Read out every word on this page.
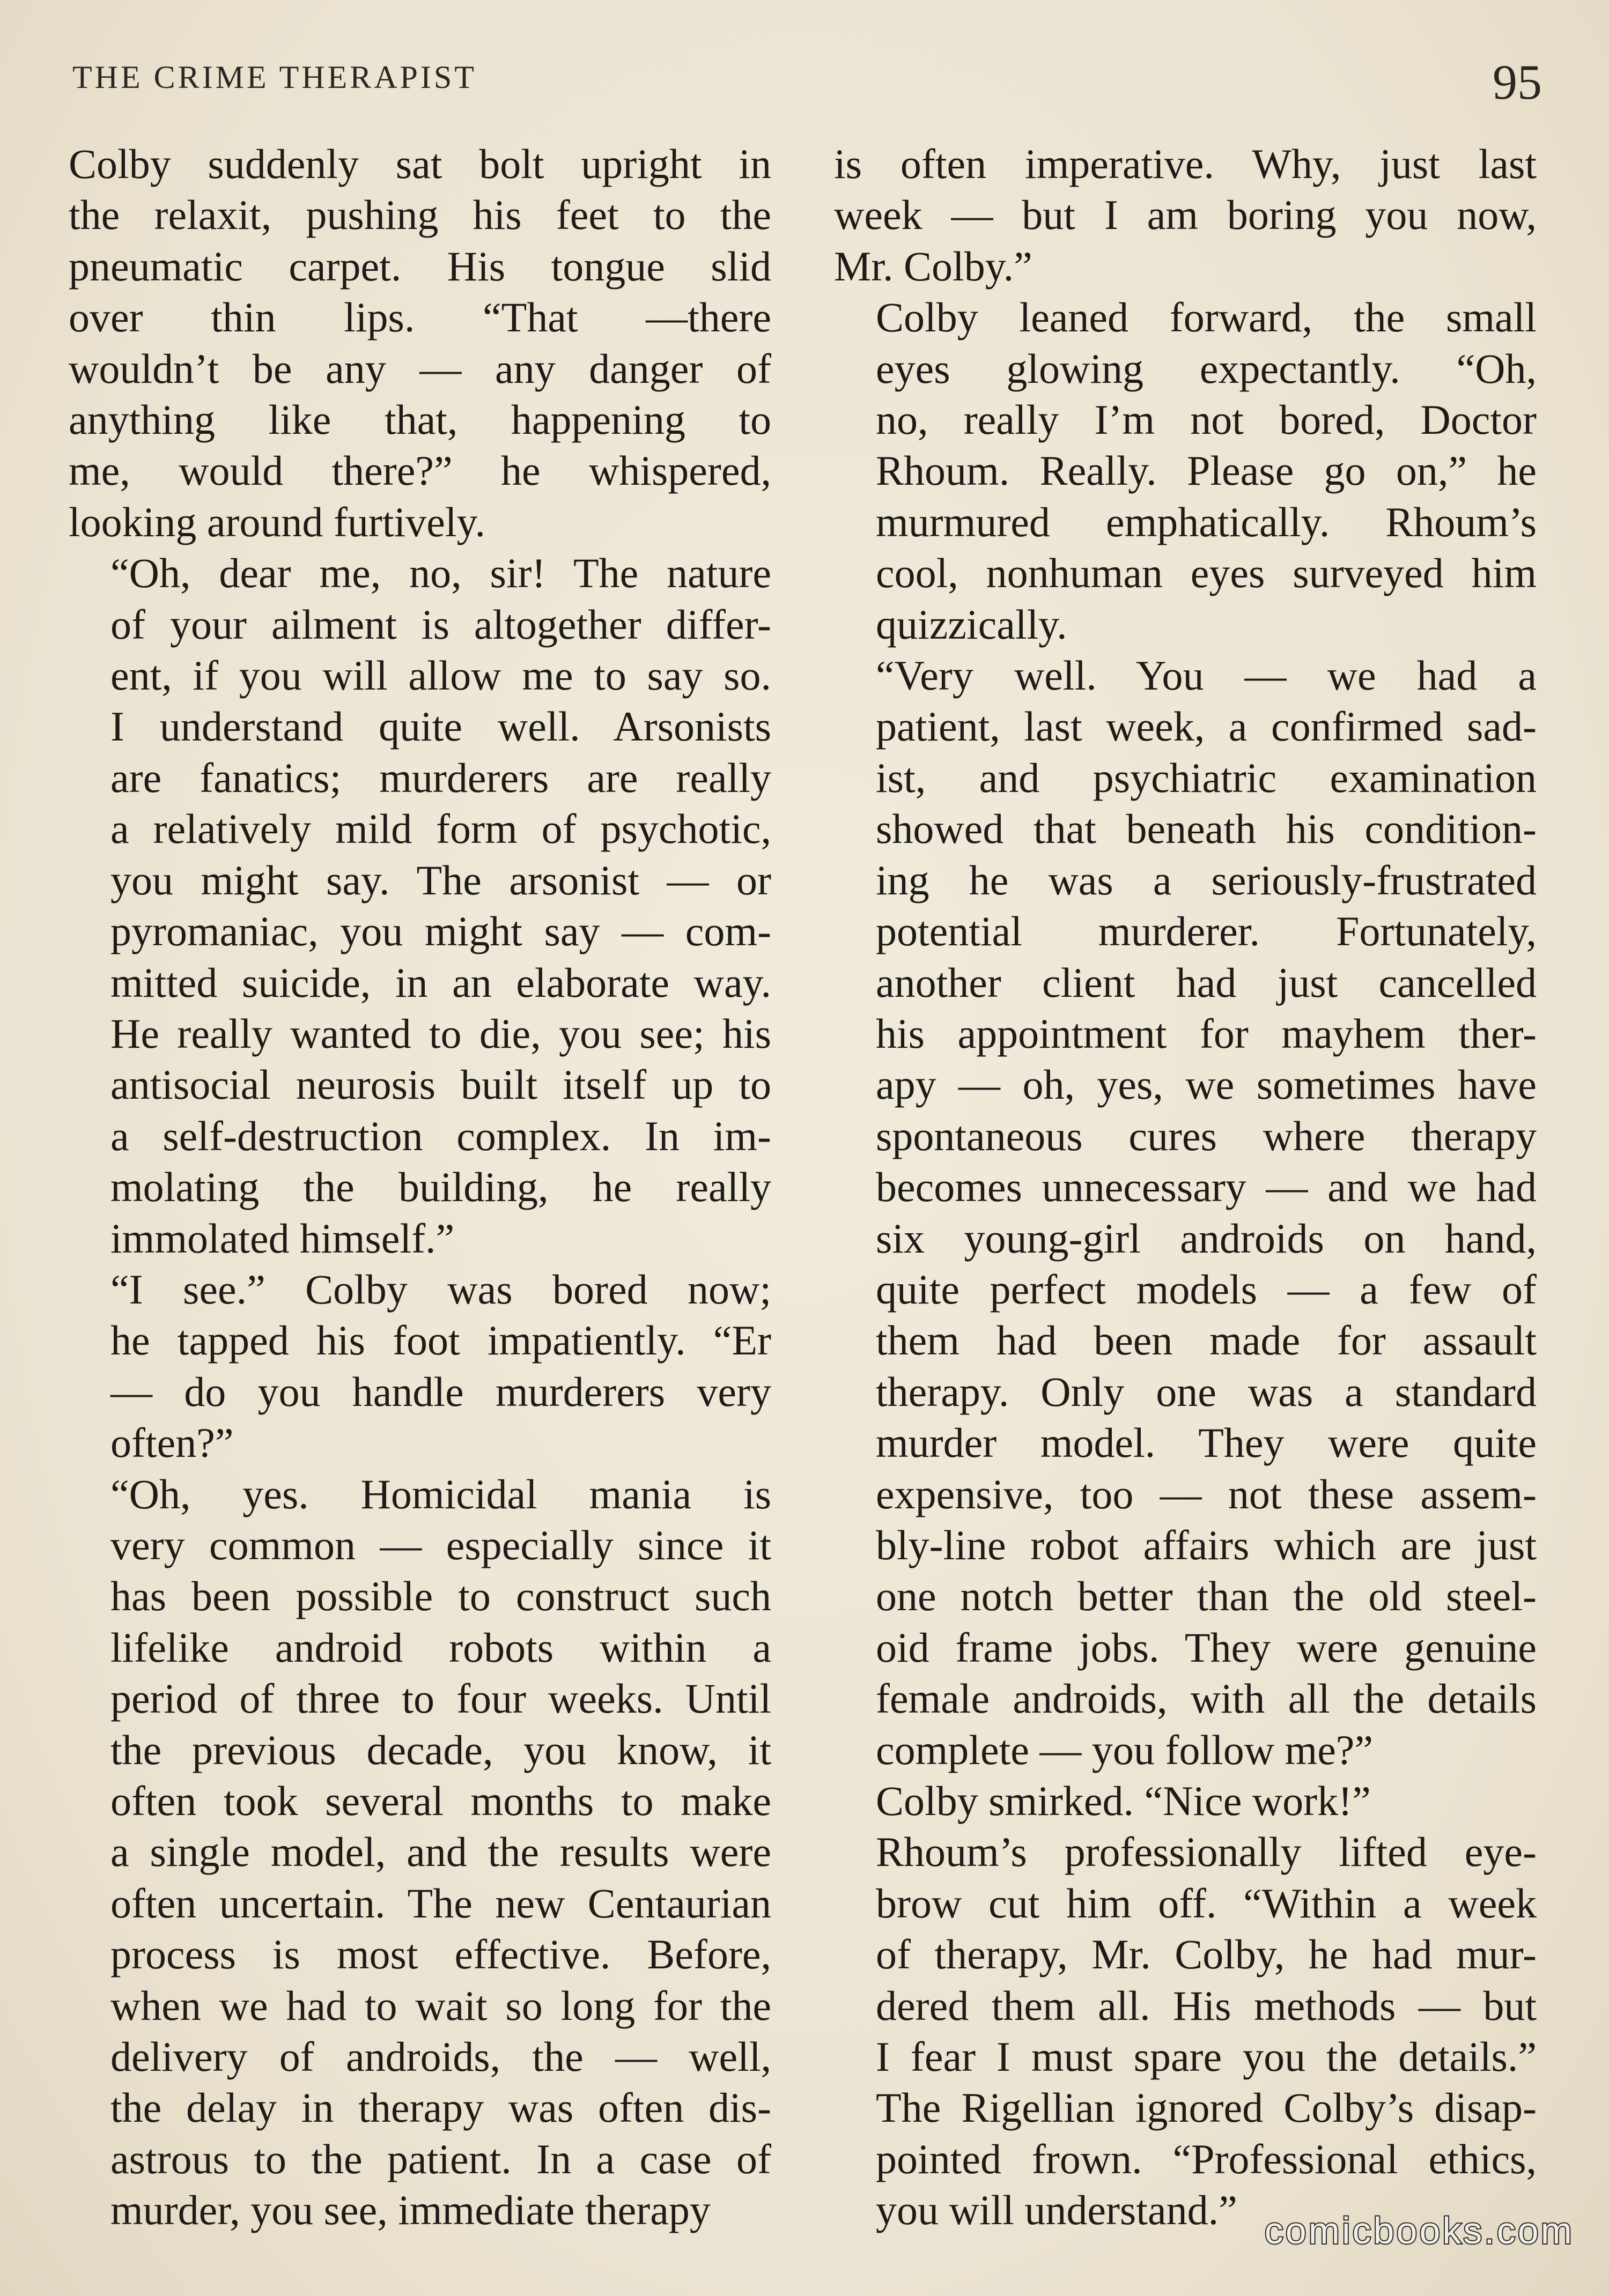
THE CRIME THERAPIST	95

Colby suddenly sat bolt upright in
the relaxit, pushing his feet to the
pneumatic carpet. His tongue slid
over thin lips. “That —there
wouldn’t be any — any danger of
anything like that, happening to
me, would there?” he whispered,
looking around furtively.

“Oh, dear me, no, sir! The nature
of your ailment is altogether differ-
ent, if you will allow me to say so.
I understand quite well. Arsonists
are fanatics; murderers are really
a relatively mild form of psychotic,
you might say. The arsonist — or
pyromaniac, you might say — com-
mitted suicide, in an elaborate way.
He really wanted to die, you see; his
antisocial neurosis built itself up to
a self-destruction complex. In im-
molating the building, he really
immolated himself.”

“I see.” Colby was bored now;
he tapped his foot impatiently. “Er
— do you handle murderers very
often?”

“Oh, yes. Homicidal mania is
very common — especially since it
has been possible to construct such
lifelike android robots within a
period of three to four weeks. Until
the previous decade, you know, it
often took several months to make
a single model, and the results were
often uncertain. The new Centaurian
process is most effective. Before,
when we had to wait so long for the
delivery of androids, the — well,
the delay in therapy was often dis-
astrous to the patient. In a case of
murder, you see, immediate therapy

is often imperative. Why, just last
week — but I am boring you now,
Mr. Colby.”

Colby leaned forward, the small
eyes glowing expectantly. “Oh,
no, really I’m not bored, Doctor
Rhoum. Really. Please go on,” he
murmured emphatically. Rhoum’s
cool, nonhuman eyes surveyed him
quizzically.

“Very well. You — we had a
patient, last week, a confirmed sad-
ist, and psychiatric examination
showed that beneath his condition-
ing he was a seriously-frustrated
potential murderer. Fortunately,
another client had just cancelled
his appointment for mayhem ther-
apy — oh, yes, we sometimes have
spontaneous cures where therapy
becomes unnecessary — and we had
six young-girl androids on hand,
quite perfect models — a few of
them had been made for assault
therapy. Only one was a standard
murder model. They were quite
expensive, too — not these assem-
bly-line robot affairs which are just
one notch better than the old steel-
oid frame jobs. They were genuine
female androids, with all the details
complete — you follow me?”

Colby smirked. “Nice work!”

Rhoum’s professionally lifted eye-
brow cut him off. “Within a week
of therapy, Mr. Colby, he had mur-
dered them all. His methods — but
I fear I must spare you the details.”
The Rigellian ignored Colby’s disap-
pointed frown. “Professional ethics,
you will understand.” comicbooks.com
